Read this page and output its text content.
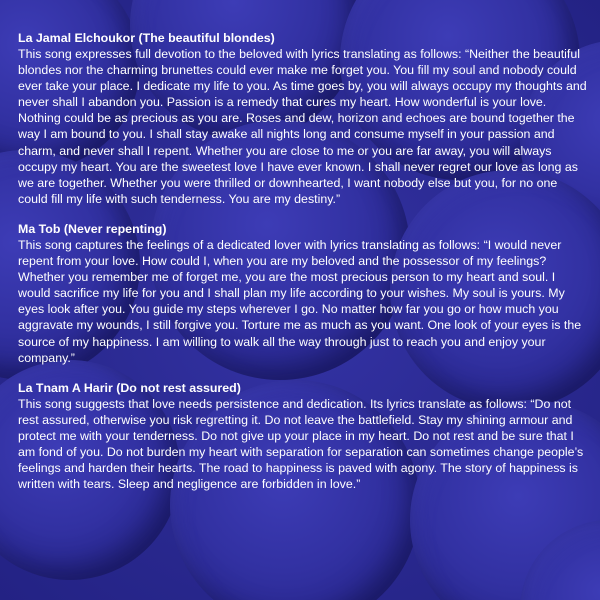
La Jamal Elchoukor (The beautiful blondes)

This song expresses full devotion to the beloved with lyrics translating as follows: “Neither the beautiful blondes nor the charming brunettes could ever make me forget you. You fill my soul and nobody could ever take your place. I dedicate my life to you. As time goes by, you will always occupy my thoughts and never shall I abandon you. Passion is a remedy that cures my heart. How wonderful is your love. Nothing could be as precious as you are. Roses and dew, horizon and echoes are bound together the way I am bound to you. I shall stay awake all nights long and consume myself in your passion and charm, and never shall I repent. Whether you are close to me or you are far away, you will always occupy my heart. You are the sweetest love I have ever known. I shall never regret our love as long as we are together. Whether you were thrilled or downhearted, I want nobody else but you, for no one could fill my life with such tenderness. You are my destiny.”

Ma Tob (Never repenting)

This song captures the feelings of a dedicated lover with lyrics translating as follows: “I would never repent from your love. How could I, when you are my beloved and the possessor of my feelings? Whether you remember me of forget me, you are the most precious person to my heart and soul. I would sacrifice my life for you and I shall plan my life according to your wishes. My soul is yours. My eyes look after you. You guide my steps wherever I go. No matter how far you go or how much you aggravate my wounds, I still forgive you. Torture me as much as you want. One look of your eyes is the source of my happiness. I am willing to walk all the way through just to reach you and enjoy your company.”

La Tnam A Harir (Do not rest assured)

This song suggests that love needs persistence and dedication. Its lyrics translate as follows: “Do not rest assured, otherwise you risk regretting it. Do not leave the battlefield. Stay my shining armour and protect me with your tenderness. Do not give up your place in my heart. Do not rest and be sure that I am fond of you. Do not burden my heart with separation for separation can sometimes change people’s feelings and harden their hearts. The road to happiness is paved with agony. The story of happiness is written with tears. Sleep and negligence are forbidden in love.”
